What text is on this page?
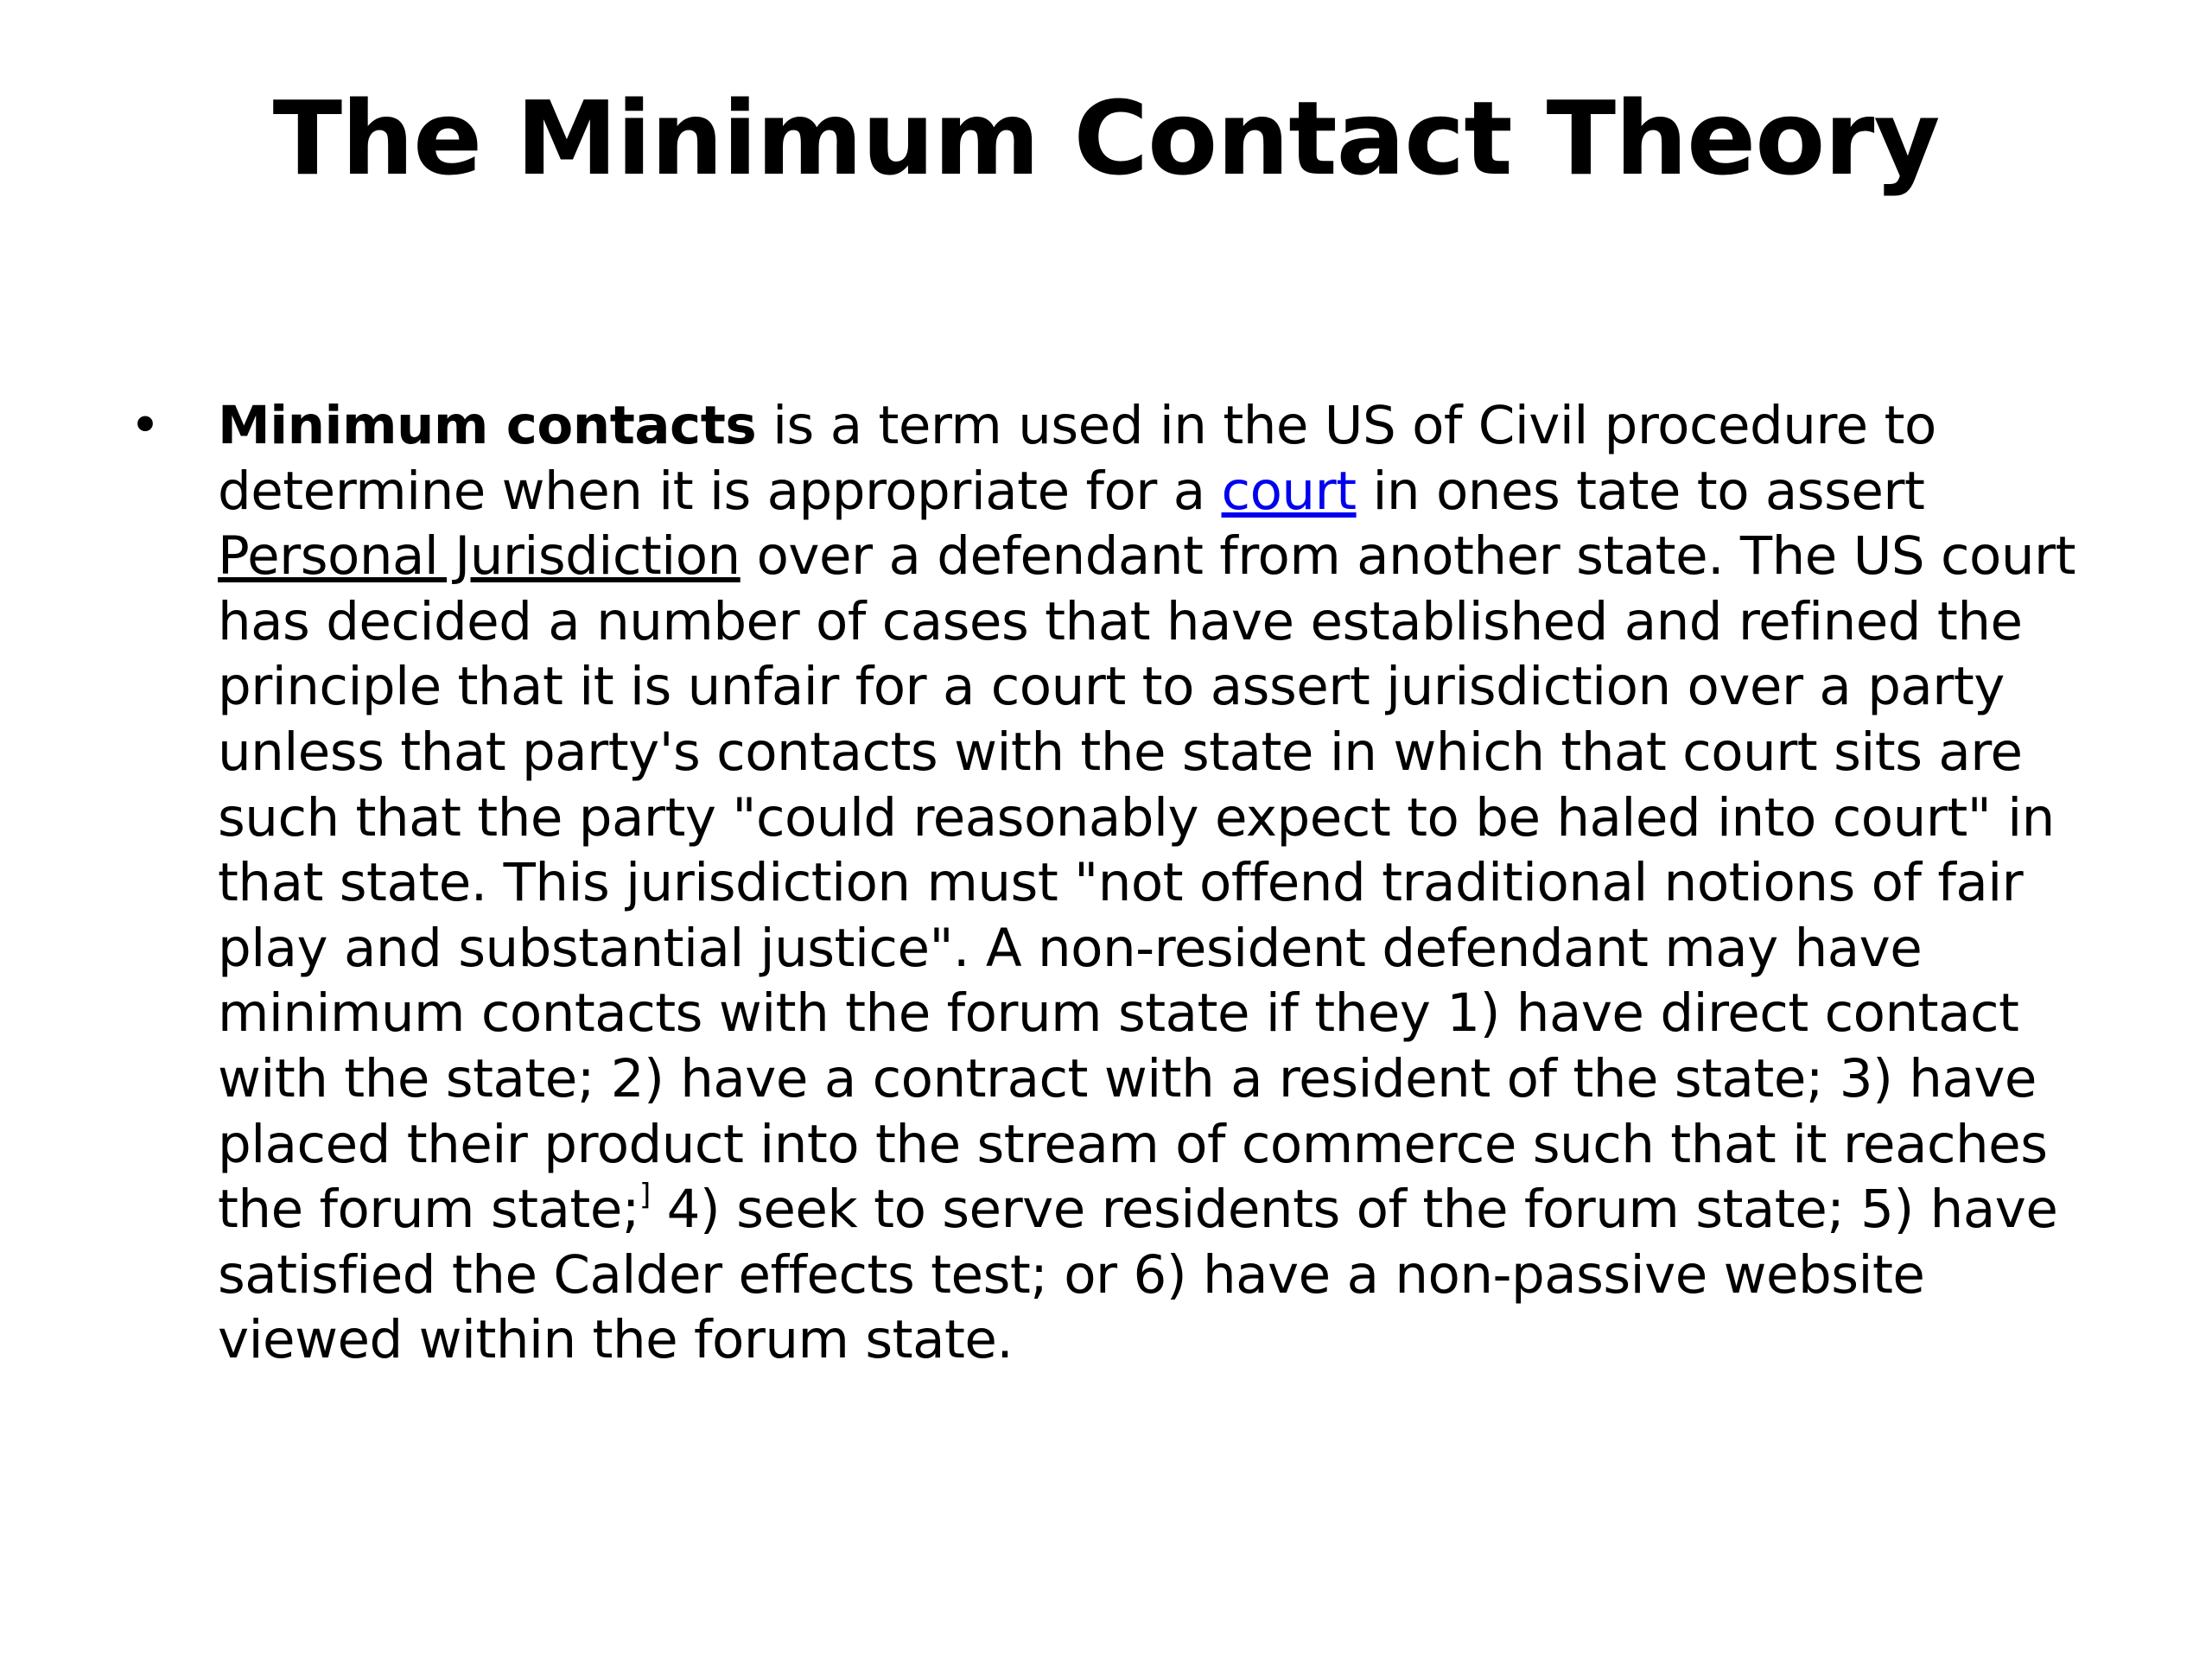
The Minimum Contact Theory
• Minimum contacts is a term used in the US of Civil procedure to determine when it is appropriate for a court in ones tate to assert Personal Jurisdiction over a defendant from another state. The US court has decided a number of cases that have established and refined the principle that it is unfair for a court to assert jurisdiction over a party unless that party's contacts with the state in which that court sits are such that the party "could reasonably expect to be haled into court" in that state. This jurisdiction must "not offend traditional notions of fair play and substantial justice". A non-resident defendant may have minimum contacts with the forum state if they 1) have direct contact with the state; 2) have a contract with a resident of the state; 3) have placed their product into the stream of commerce such that it reaches the forum state;] 4) seek to serve residents of the forum state; 5) have satisfied the Calder effects test; or 6) have a non-passive website viewed within the forum state.
